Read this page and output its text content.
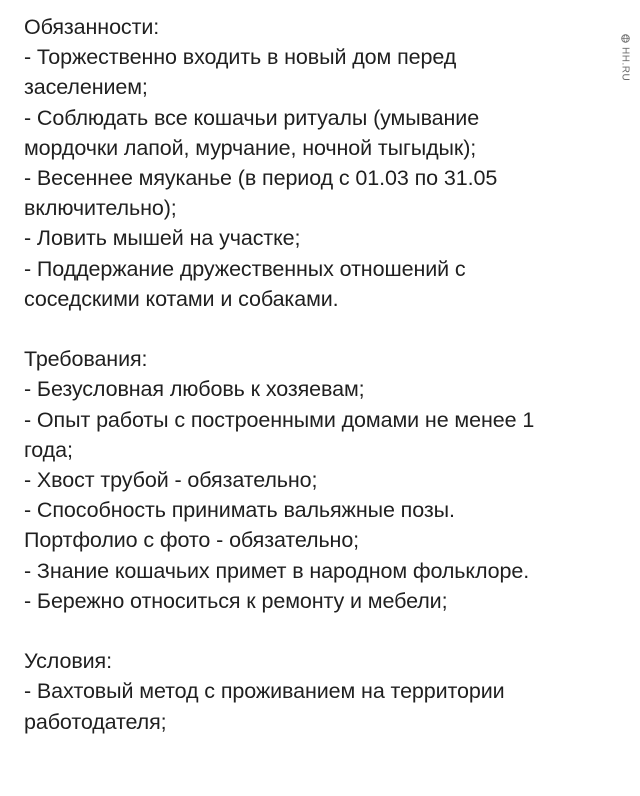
Обязанности:
- Торжественно входить в новый дом перед
заселением;
- Соблюдать все кошачьи ритуалы (умывание
мордочки лапой, мурчание, ночной тыгыдык);
- Весеннее мяуканье (в период с 01.03 по 31.05
включительно);
- Ловить мышей на участке;
- Поддержание дружественных отношений с
соседскими котами и собаками.
Требования:
- Безусловная любовь к хозяевам;
- Опыт работы с построенными домами не менее 1
года;
- Хвост трубой - обязательно;
- Способность принимать вальяжные позы.
Портфолио с фото - обязательно;
- Знание кошачьих примет в народном фольклоре.
- Бережно относиться к ремонту и мебели;
Условия:
- Вахтовый метод с проживанием на территории
работодателя;
HH.RU
